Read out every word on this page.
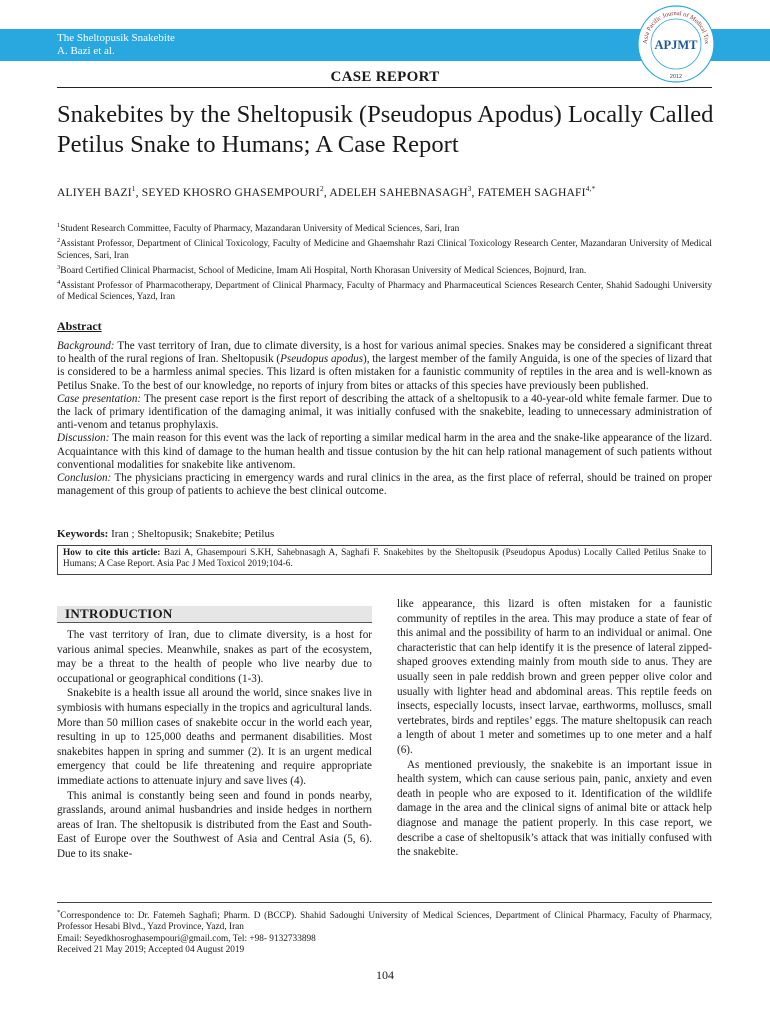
The Sheltopusik Snakebite
A. Bazi et al.
Asia Pacific Journal of Medical Tox
APJMT
2012
CASE REPORT
Snakebites by the Sheltopusik (Pseudopus Apodus) Locally Called Petilus Snake to Humans; A Case Report
ALIYEH BAZI$^1$, SEYED KHOSRO GHASEMPOURI$^2$, ADELEH SAHEBNASAGH$^3$, FATEMEH $SAGHAFI^{4,*}$

$^1$Student Research Committee, Faculty of Pharmacy, Mazandaran University of Medical Sciences, Sari, Iran

$^2$Assistant Professor, Department of Clinical Toxicology, Faculty of Medicine and Ghaemshahr Razi Clinical Toxicology Research Center, Mazandaran University of Medical Sciences, Sari, Iran

$^3$Board Certified Clinical Pharmacist, School of Medicine, Imam Ali Hospital, North Khorasan University of Medical Sciences, Bojnurd, Iran.

$^4$Assistant Professor of Pharmacotherapy, Department of Clinical Pharmacy, Faculty of Pharmacy and Pharmaceutical Sciences Research Center, Shahid Sadoughi University of Medical Sciences, Yazd, Iran

Abstract

Background: The vast territory of Iran, due to climate diversity, is a host for various animal species. Snakes may be considered a significant threat to health of the rural regions of Iran. Sheltopusik (Pseudopus apodus), the largest member of the family Anguida, is one of the species of lizard that is considered to be a harmless animal species. This lizard is often mistaken for a faunistic community of reptiles in the area and is well-known as Petilus Snake. To the best of our knowledge, no reports of injury from bites or attacks of this species have previously been published.

Case presentation: The present case report is the first report of describing the attack of a sheltopusik to a 40-year-old white female farmer. Due to the lack of primary identification of the damaging animal, it was initially confused with the snakebite, leading to unnecessary administration of anti-venom and tetanus prophylaxis.

Discussion: The main reason for this event was the lack of reporting a similar medical harm in the area and the snake-like appearance of the lizard. Acquaintance with this kind of damage to the human health and tissue contusion by the hit can help rational management of such patients without conventional modalities for snakebite like antivenom.

Conclusion: The physicians practicing in emergency wards and rural clinics in the area, as the first place of referral, should be trained on proper management of this group of patients to achieve the best clinical outcome.

Keywords: Iran ; Sheltopusik; Snakebite; Petilus
How to cite this article: Bazi A, Ghasempouri S.KH, Sahebnasagh A, Saghafi F. Snakebites by the Sheltopusik (Pseudopus Apodus) Locally Called Petilus Snake to Humans; A Case Report. Asia Pac J Med Toxicol 2019;104-6.
INTRODUCTION

The vast territory of Iran, due to climate diversity, is a host for various animal species. Meanwhile, snakes as part of the ecosystem, may be a threat to the health of people who live nearby due to occupational or geographical conditions (1-3).

Snakebite is a health issue all around the world, since snakes live in symbiosis with humans especially in the tropics and agricultural lands. More than 50 million cases of snakebite occur in the world each year, resulting in up to 125,000 deaths and permanent disabilities. Most snakebites happen in spring and summer (2). It is an urgent medical emergency that could be life threatening and require appropriate immediate actions to attenuate injury and save lives (4).

This animal is constantly being seen and found in ponds nearby, grasslands, around animal husbandries and inside hedges in northern areas of Iran. The sheltopusik is distributed from the East and South-East of Europe over the Southwest of Asia and Central Asia (5, 6). Due to its snake-

like appearance, this lizard is often mistaken for a faunistic community of reptiles in the area. This may produce a state of fear of this animal and the possibility of harm to an individual or animal. One characteristic that can help identify it is the presence of lateral zipped-shaped grooves extending mainly from mouth side to anus. They are usually seen in pale reddish brown and green pepper olive color and usually with lighter head and abdominal areas. This reptile feeds on insects, especially locusts, insect larvae, earthworms, molluscs, small vertebrates, birds and reptiles’ eggs. The mature sheltopusik can reach a length of about 1 meter and sometimes up to one meter and a half (6).

As mentioned previously, the snakebite is an important issue in health system, which can cause serious pain, panic, anxiety and even death in people who are exposed to it. Identification of the wildlife damage in the area and the clinical signs of animal bite or attack help diagnose and manage the patient properly. In this case report, we describe a case of sheltopusik’s attack that was initially confused with the snakebite.

*Correspondence to: Dr. Fatemeh Saghafi; Pharm. D (BCCP). Shahid Sadoughi University of Medical Sciences, Department of Clinical Pharmacy, Faculty of Pharmacy, Professor Hesabi Blvd., Yazd Province, Yazd, Iran

Email: Seyedkhosroghasempouri@gmail.com, Tel: +98- 9132733898

Received 21 May 2019; Accepted 04 August 2019

104
